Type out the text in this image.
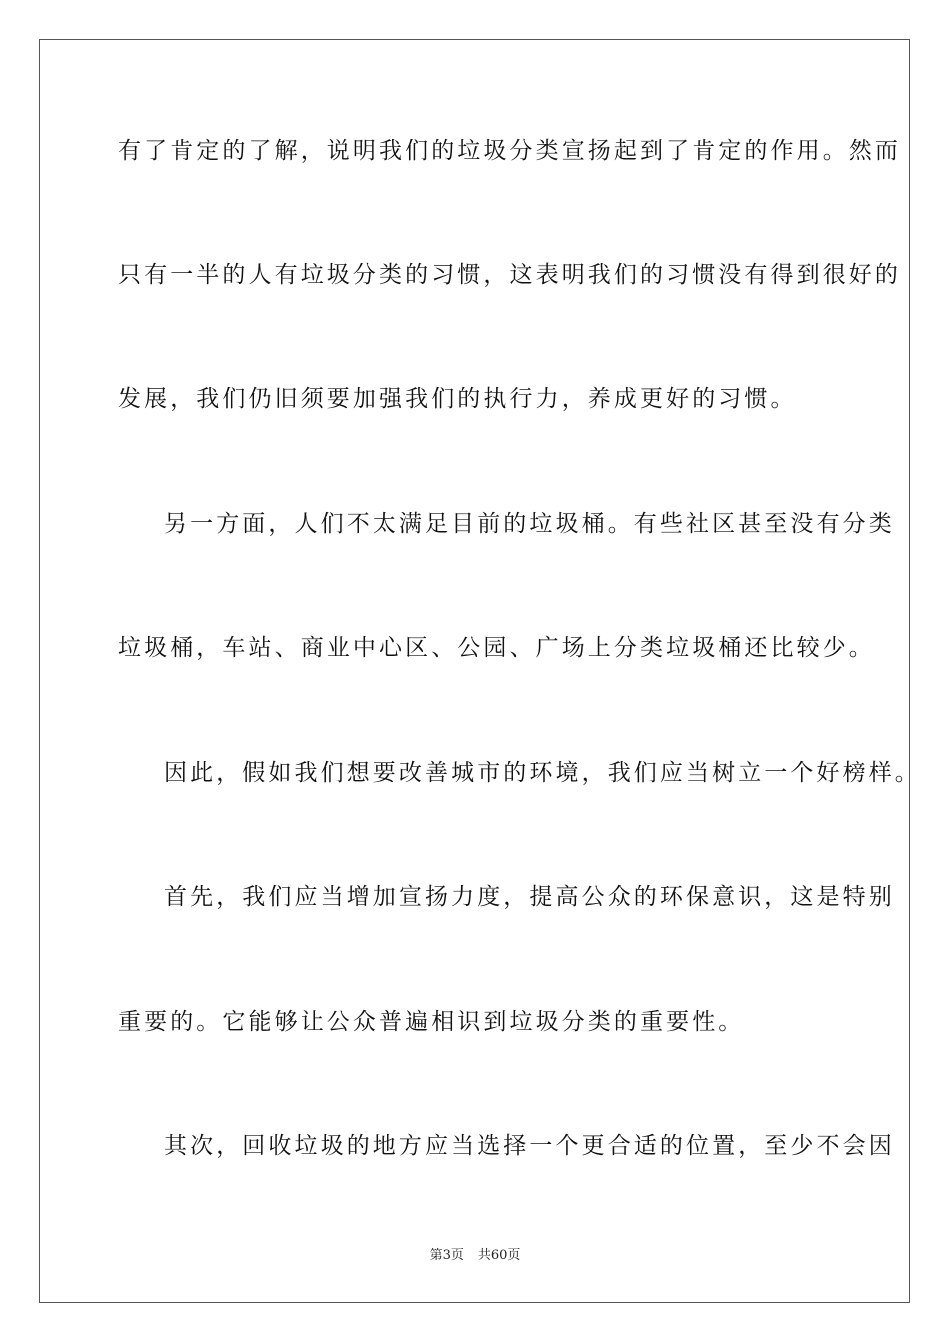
有了肯定的了解，说明我们的垃圾分类宣扬起到了肯定的作用。然而
只有一半的人有垃圾分类的习惯，这表明我们的习惯没有得到很好的
发展，我们仍旧须要加强我们的执行力，养成更好的习惯。
另一方面，人们不太满足目前的垃圾桶。有些社区甚至没有分类
垃圾桶，车站、商业中心区、公园、广场上分类垃圾桶还比较少。
因此，假如我们想要改善城市的环境，我们应当树立一个好榜样。
首先，我们应当增加宣扬力度，提高公众的环保意识，这是特别
重要的。它能够让公众普遍相识到垃圾分类的重要性。
其次，回收垃圾的地方应当选择一个更合适的位置，至少不会因
第3页 共60页
